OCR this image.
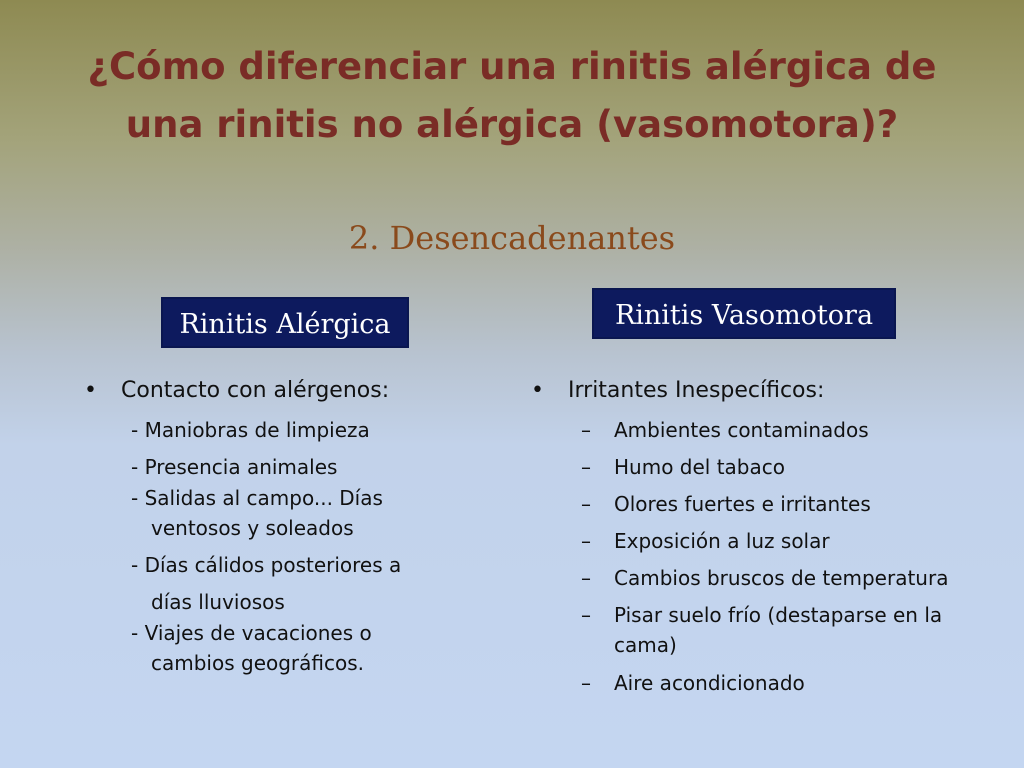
¿Cómo diferenciar una rinitis alérgica de
una rinitis no alérgica (vasomotora)?
2. Desencadenantes
Rinitis Alérgica	Rinitis Vasomotora
• Contacto con alérgenos:
- Maniobras de limpieza
- Presencia animales
- Salidas al campo... Días
ventosos y soleados
- Días cálidos posteriores a
días lluviosos
- Viajes de vacaciones o
cambios geográficos.
• Irritantes Inespecíficos:
–	Ambientes contaminados
–	Humo del tabaco
–	Olores fuertes e irritantes
–	Exposición a luz solar
–	Cambios bruscos de temperatura
–	Pisar suelo frío (destaparse en la cama)
–	Aire acondicionado
